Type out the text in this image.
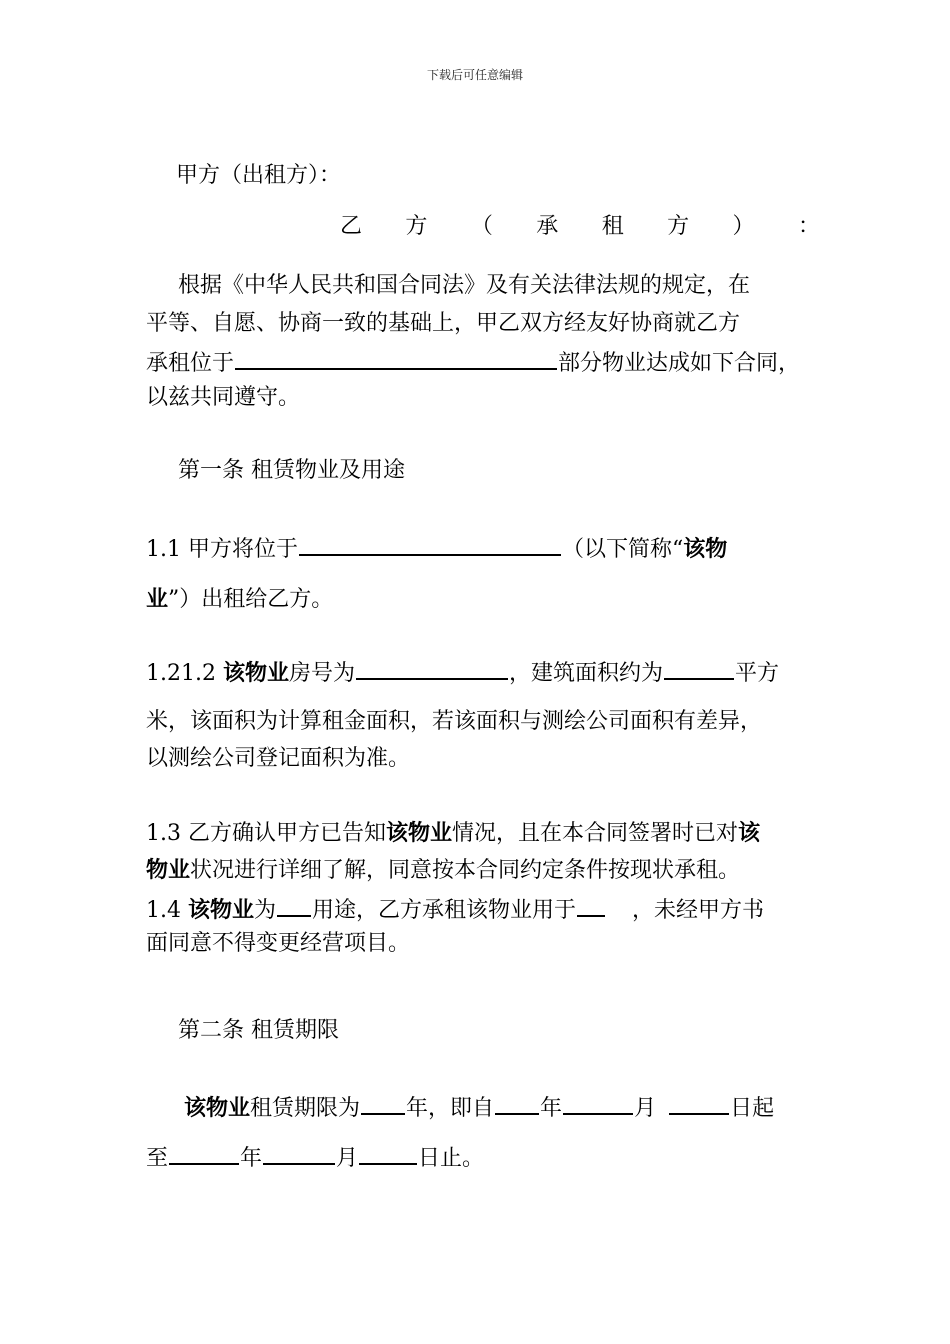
下载后可任意编辑
甲方（出租方）：
乙 方 （ 承 租 方 ） ：
根据《中华人民共和国合同法》及有关法律法规的规定，在
平等、自愿、协商一致的基础上，甲乙双方经友好协商就乙方
承租位于	部分物业达成如下合同，
以兹共同遵守。
第一条 租赁物业及用途
1.1 甲方将位于	（以下简称“该物
业”）出租给乙方。
1.21.2 该物业房号为	，建筑面积约为	平方
米，该面积为计算租金面积，若该面积与测绘公司面积有差异，
以测绘公司登记面积为准。
1.3 乙方确认甲方已告知该物业情况，且在本合同签署时已对该
物业状况进行详细了解，同意按本合同约定条件按现状承租。
1.4 该物业为 用途，乙方承租该物业用于	，未经甲方书
面同意不得变更经营项目。
第二条 租赁期限
该物业租赁期限为 年，即自 年	月	日起
至	年	月	日止。
